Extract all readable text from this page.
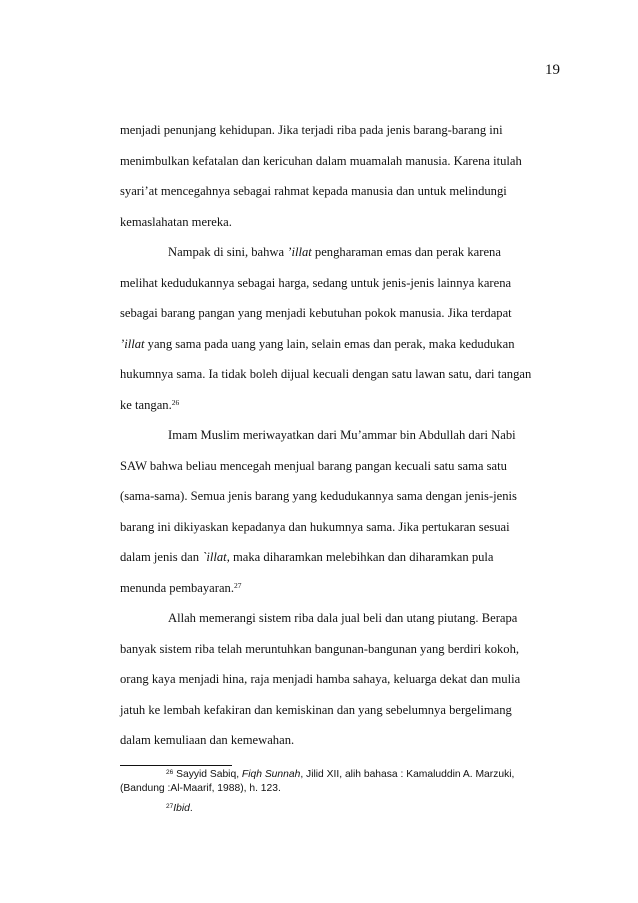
19
menjadi penunjang kehidupan. Jika terjadi riba pada jenis barang-barang ini
menimbulkan kefatalan dan kericuhan dalam muamalah manusia. Karena itulah
syari’at mencegahnya sebagai rahmat kepada manusia dan untuk melindungi
kemaslahatan mereka.
Nampak di sini, bahwa ’illat pengharaman emas dan perak karena
melihat kedudukannya sebagai harga, sedang untuk jenis-jenis lainnya karena
sebagai barang pangan yang menjadi kebutuhan pokok manusia. Jika terdapat
’illat yang sama pada uang yang lain, selain emas dan perak, maka kedudukan
hukumnya sama. Ia tidak boleh dijual kecuali dengan satu lawan satu, dari tangan
ke tangan.$^{26}$
Imam Muslim meriwayatkan dari Mu’ammar bin Abdullah dari Nabi
SAW bahwa beliau mencegah menjual barang pangan kecuali satu sama satu
(sama-sama). Semua jenis barang yang kedudukannya sama dengan jenis-jenis
barang ini dikiyaskan kepadanya dan hukumnya sama. Jika pertukaran sesuai
dalam jenis dan `illat, maka diharamkan melebihkan dan diharamkan pula
menunda pembayaran.$^{27}$
Allah memerangi sistem riba dala jual beli dan utang piutang. Berapa
banyak sistem riba telah meruntuhkan bangunan-bangunan yang berdiri kokoh,
orang kaya menjadi hina, raja menjadi hamba sahaya, keluarga dekat dan mulia
jatuh ke lembah kefakiran dan kemiskinan dan yang sebelumnya bergelimang
dalam kemuliaan dan kemewahan.
$^{26}$ Sayyid Sabiq, Fiqh Sunnah, Jilid XII, alih bahasa : Kamaluddin A. Marzuki,
(Bandung :Al-Maarif, 1988), h. 123.
$^{27}$Ibid.
